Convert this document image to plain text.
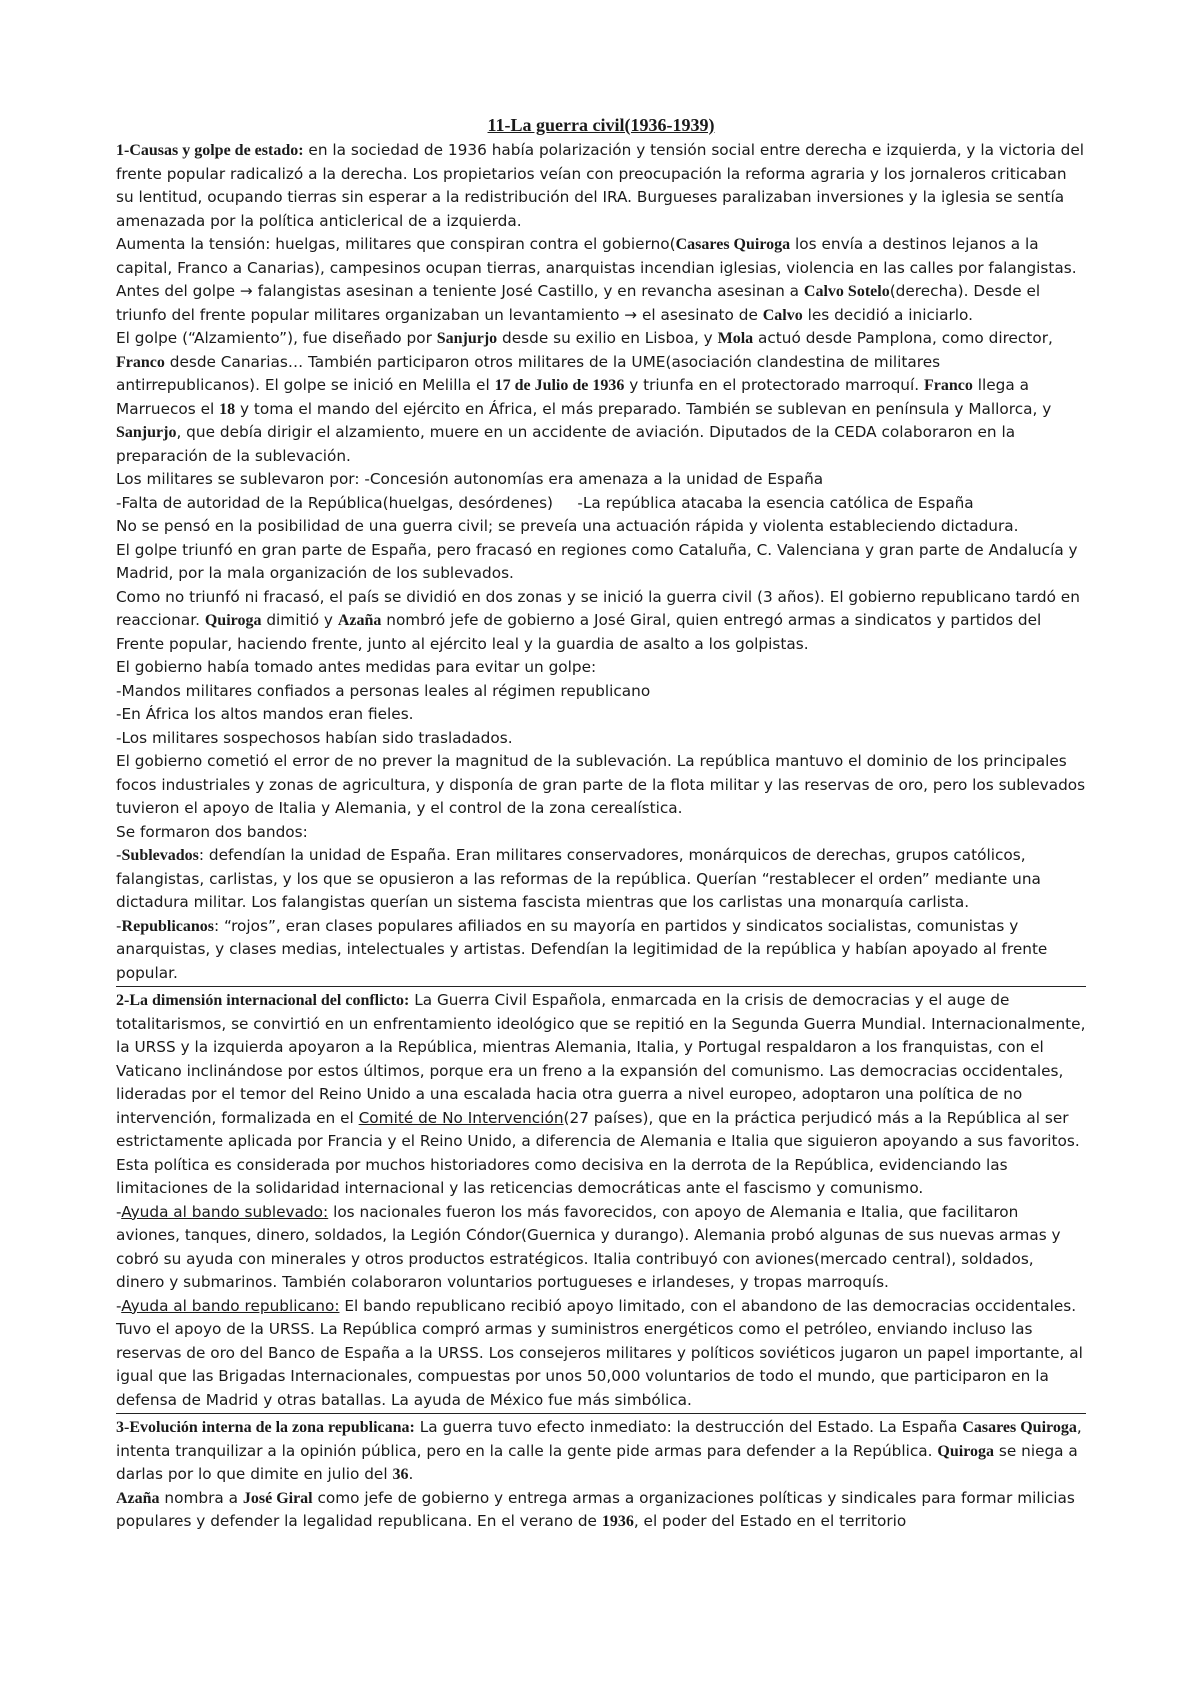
11-La guerra civil(1936-1939)

1-Causas y golpe de estado: en la sociedad de 1936 había polarización y tensión social entre derecha e izquierda, y la victoria del frente popular radicalizó a la derecha. Los propietarios veían con preocupación la reforma agraria y los jornaleros criticaban su lentitud, ocupando tierras sin esperar a la redistribución del IRA. Burgueses paralizaban inversiones y la iglesia se sentía amenazada por la política anticlerical de a izquierda.

Aumenta la tensión: huelgas, militares que conspiran contra el gobierno(Casares Quiroga los envía a destinos lejanos a la capital, Franco a Canarias), campesinos ocupan tierras, anarquistas incendian iglesias, violencia en las calles por falangistas. Antes del golpe → falangistas asesinan a teniente José Castillo, y en revancha asesinan a Calvo Sotelo(derecha). Desde el triunfo del frente popular militares organizaban un levantamiento → el asesinato de Calvo les decidió a iniciarlo.

El golpe (“Alzamiento”), fue diseñado por Sanjurjo desde su exilio en Lisboa, y Mola actuó desde Pamplona, como director, Franco desde Canarias… También participaron otros militares de la UME(asociación clandestina de militares antirrepublicanos). El golpe se inició en Melilla el 17 de Julio de 1936 y triunfa en el protectorado marroquí. Franco llega a Marruecos el 18 y toma el mando del ejército en África, el más preparado. También se sublevan en península y Mallorca, y Sanjurjo, que debía dirigir el alzamiento, muere en un accidente de aviación. Diputados de la CEDA colaboraron en la preparación de la sublevación.

Los militares se sublevaron por: -Concesión autonomías era amenaza a la unidad de España

-Falta de autoridad de la República(huelgas, desórdenes)     -La república atacaba la esencia católica de España

No se pensó en la posibilidad de una guerra civil; se preveía una actuación rápida y violenta estableciendo dictadura.

El golpe triunfó en gran parte de España, pero fracasó en regiones como Cataluña, C. Valenciana y gran parte de Andalucía y Madrid, por la mala organización de los sublevados.

Como no triunfó ni fracasó, el país se dividió en dos zonas y se inició la guerra civil (3 años). El gobierno republicano tardó en reaccionar. Quiroga dimitió y Azaña nombró jefe de gobierno a José Giral, quien entregó armas a sindicatos y partidos del Frente popular, haciendo frente, junto al ejército leal y la guardia de asalto a los golpistas.

El gobierno había tomado antes medidas para evitar un golpe:

-Mandos militares confiados a personas leales al régimen republicano

-En África los altos mandos eran fieles.

-Los militares sospechosos habían sido trasladados.

El gobierno cometió el error de no prever la magnitud de la sublevación. La república mantuvo el dominio de los principales focos industriales y zonas de agricultura, y disponía de gran parte de la flota militar y las reservas de oro, pero los sublevados tuvieron el apoyo de Italia y Alemania, y el control de la zona cerealística.

Se formaron dos bandos:

-Sublevados: defendían la unidad de España. Eran militares conservadores, monárquicos de derechas, grupos católicos, falangistas, carlistas, y los que se opusieron a las reformas de la república. Querían “restablecer el orden” mediante una dictadura militar. Los falangistas querían un sistema fascista mientras que los carlistas una monarquía carlista.

-Republicanos: “rojos”, eran clases populares afiliados en su mayoría en partidos y sindicatos socialistas, comunistas y anarquistas, y clases medias, intelectuales y artistas. Defendían la legitimidad de la república y habían apoyado al frente popular.

2-La dimensión internacional del conflicto: La Guerra Civil Española, enmarcada en la crisis de democracias y el auge de totalitarismos, se convirtió en un enfrentamiento ideológico que se repitió en la Segunda Guerra Mundial. Internacionalmente, la URSS y la izquierda apoyaron a la República, mientras Alemania, Italia, y Portugal respaldaron a los franquistas, con el Vaticano inclinándose por estos últimos, porque era un freno a la expansión del comunismo. Las democracias occidentales, lideradas por el temor del Reino Unido a una escalada hacia otra guerra a nivel europeo, adoptaron una política de no intervención, formalizada en el Comité de No Intervención(27 países), que en la práctica perjudicó más a la República al ser estrictamente aplicada por Francia y el Reino Unido, a diferencia de Alemania e Italia que siguieron apoyando a sus favoritos. Esta política es considerada por muchos historiadores como decisiva en la derrota de la República, evidenciando las limitaciones de la solidaridad internacional y las reticencias democráticas ante el fascismo y comunismo.

-Ayuda al bando sublevado: los nacionales fueron los más favorecidos, con apoyo de Alemania e Italia, que facilitaron aviones, tanques, dinero, soldados, la Legión Cóndor(Guernica y durango). Alemania probó algunas de sus nuevas armas y cobró su ayuda con minerales y otros productos estratégicos. Italia contribuyó con aviones(mercado central), soldados, dinero y submarinos. También colaboraron voluntarios portugueses e irlandeses, y tropas marroquís.

-Ayuda al bando republicano: El bando republicano recibió apoyo limitado, con el abandono de las democracias occidentales. Tuvo el apoyo de la URSS. La República compró armas y suministros energéticos como el petróleo, enviando incluso las reservas de oro del Banco de España a la URSS. Los consejeros militares y políticos soviéticos jugaron un papel importante, al igual que las Brigadas Internacionales, compuestas por unos 50,000 voluntarios de todo el mundo, que participaron en la defensa de Madrid y otras batallas. La ayuda de México fue más simbólica.

3-Evolución interna de la zona republicana: La guerra tuvo efecto inmediato: la destrucción del Estado. La España Casares Quiroga, intenta tranquilizar a la opinión pública, pero en la calle la gente pide armas para defender a la República. Quiroga se niega a darlas por lo que dimite en julio del 36.

Azaña nombra a José Giral como jefe de gobierno y entrega armas a organizaciones políticas y sindicales para formar milicias populares y defender la legalidad republicana. En el verano de 1936, el poder del Estado en el territorio
